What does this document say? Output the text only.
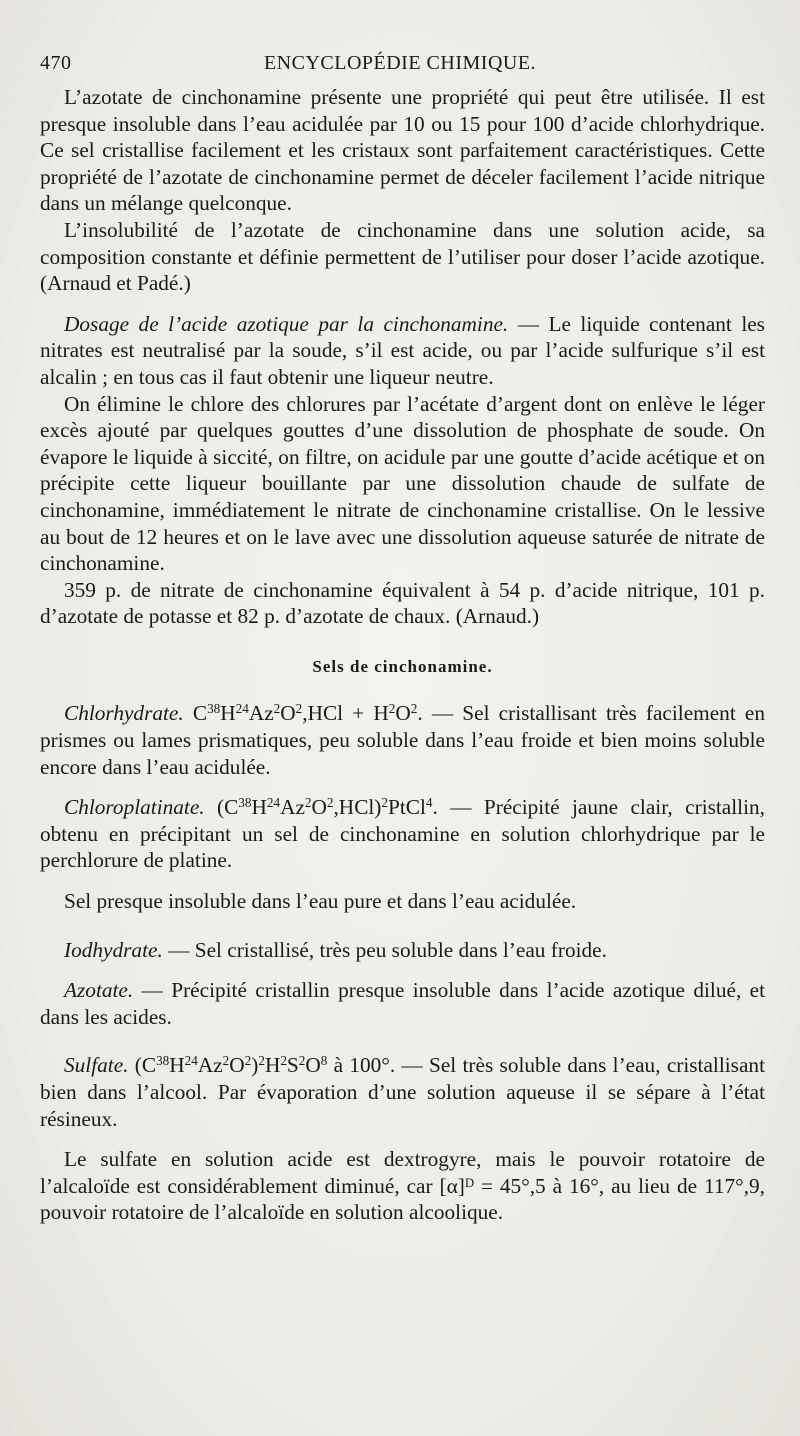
470	ENCYCLOPÉDIE CHIMIQUE.

L’azotate de cinchonamine présente une propriété qui peut être utilisée. Il est presque insoluble dans l’eau acidulée par 10 ou 15 pour 100 d’acide chlorhydrique. Ce sel cristallise facilement et les cristaux sont parfaitement caractéristiques. Cette propriété de l’azotate de cinchonamine permet de déceler facilement l’acide nitrique dans un mélange quelconque.

L’insolubilité de l’azotate de cinchonamine dans une solution acide, sa composition constante et définie permettent de l’utiliser pour doser l’acide azotique. (Arnaud et Padé.)

Dosage de l’acide azotique par la cinchonamine. — Le liquide contenant les nitrates est neutralisé par la soude, s’il est acide, ou par l’acide sulfurique s’il est alcalin ; en tous cas il faut obtenir une liqueur neutre.

On élimine le chlore des chlorures par l’acétate d’argent dont on enlève le léger excès ajouté par quelques gouttes d’une dissolution de phosphate de soude. On évapore le liquide à siccité, on filtre, on acidule par une goutte d’acide acétique et on précipite cette liqueur bouillante par une dissolution chaude de sulfate de cinchonamine, immédiatement le nitrate de cinchonamine cristallise. On le lessive au bout de 12 heures et on le lave avec une dissolution aqueuse saturée de nitrate de cinchonamine.

359 p. de nitrate de cinchonamine équivalent à 54 p. d’acide nitrique, 101 p. d’azotate de potasse et 82 p. d’azotate de chaux. (Arnaud.)

Sels de cinchonamine.

Chlorhydrate. $C^{38}H^{24}Az^2O^2,HCl + H^2O^2$. — Sel cristallisant très facilement en prismes ou lames prismatiques, peu soluble dans l’eau froide et bien moins soluble encore dans l’eau acidulée.

Chloroplatinate. $(C^{38}H^{24}Az^2O^2,HCl)^2PtCl^4$. — Précipité jaune clair, cristallin, obtenu en précipitant un sel de cinchonamine en solution chlorhydrique par le perchlorure de platine.

Sel presque insoluble dans l’eau pure et dans l’eau acidulée.

Iodhydrate. — Sel cristallisé, très peu soluble dans l’eau froide.

Azotate. — Précipité cristallin presque insoluble dans l’acide azotique dilué, et dans les acides.

Sulfate. $(C^{38}H^{24}Az^2O^2)^2H^2S^2O^8$ à 100°. — Sel très soluble dans l’eau, cristallisant bien dans l’alcool. Par évaporation d’une solution aqueuse il se sépare à l’état résineux.

Le sulfate en solution acide est dextrogyre, mais le pouvoir rotatoire de l’alcaloïde est considérablement diminué, car [α]ᴰ = 45°,5 à 16°, au lieu de 117°,9, pouvoir rotatoire de l’alcaloïde en solution alcoolique.
